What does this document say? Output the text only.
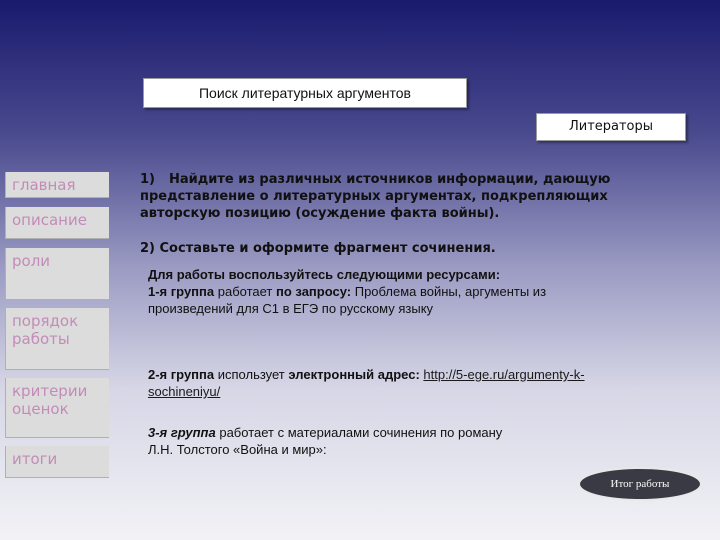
Поиск литературных аргументов
Литераторы
главная
описание
роли
порядок работы
критерии оценок
итоги
1) Найдите из различных источников информации, дающую представление о литературных аргументах, подкрепляющих авторскую позицию (осуждение факта войны).
2) Составьте и оформите фрагмент сочинения.
Для работы воспользуйтесь следующими ресурсами:
1-я группа работает по запросу: Проблема войны, аргументы из произведений для С1 в ЕГЭ по русскому языку
2-я группа использует электронный адрес: http://5-ege.ru/argumenty-k-sochineniyu/
3-я группа работает с материалами сочинения по роману
Л.Н. Толстого «Война и мир»:
Итог работы
